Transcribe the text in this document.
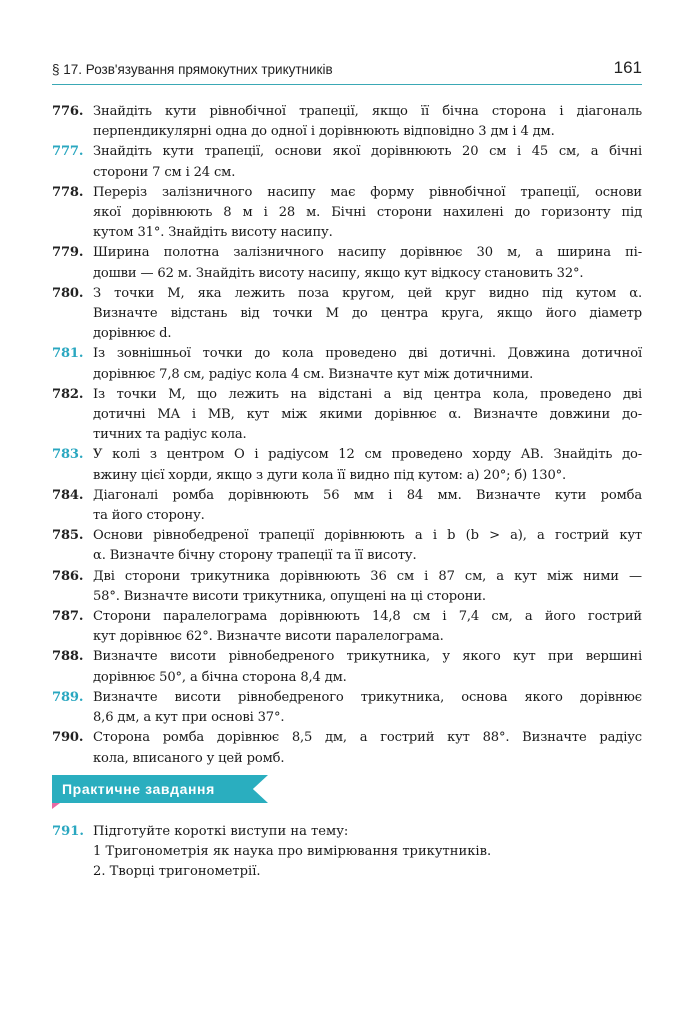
§ 17. Розв'язування прямокутних трикутників	161
776. Знайдіть кути рівнобічної трапеції, якщо її бічна сторона і діагональ
перпендикулярні одна до одної і дорівнюють відповідно 3 дм і 4 дм.
777. Знайдіть кути трапеції, основи якої дорівнюють 20 см і 45 см, а бічні
сторони 7 см і 24 см.
778. Переріз залізничного насипу має форму рівнобічної трапеції, основи
якої дорівнюють 8 м і 28 м. Бічні сторони нахилені до горизонту під
кутом 31°. Знайдіть висоту насипу.
779. Ширина полотна залізничного насипу дорівнює 30 м, а ширина пі-
дошви — 62 м. Знайдіть висоту насипу, якщо кут відкосу становить 32°.
780. З точки M, яка лежить поза кругом, цей круг видно під кутом α.
Визначте відстань від точки M до центра круга, якщо його діаметр
дорівнює d.
781. Із зовнішньої точки до кола проведено дві дотичні. Довжина дотичної
дорівнює 7,8 см, радіус кола 4 см. Визначте кут між дотичними.
782. Із точки M, що лежить на відстані a від центра кола, проведено дві
дотичні MA і MB, кут між якими дорівнює α. Визначте довжини до-
тичних та радіус кола.
783. У колі з центром O і радіусом 12 см проведено хорду AB. Знайдіть до-
вжину цієї хорди, якщо з дуги кола її видно під кутом: а) 20°; б) 130°.
784. Діагоналі ромба дорівнюють 56 мм і 84 мм. Визначте кути ромба
та його сторону.
785. Основи рівнобедреної трапеції дорівнюють a і b (b > a), а гострий кут
α. Визначте бічну сторону трапеції та її висоту.
786. Дві сторони трикутника дорівнюють 36 см і 87 см, а кут між ними —
58°. Визначте висоти трикутника, опущені на ці сторони.
787. Сторони паралелограма дорівнюють 14,8 см і 7,4 см, а його гострий
кут дорівнює 62°. Визначте висоти паралелограма.
788. Визначте висоти рівнобедреного трикутника, у якого кут при вершині
дорівнює 50°, а бічна сторона 8,4 дм.
789. Визначте висоти рівнобедреного трикутника, основа якого дорівнює
8,6 дм, а кут при основі 37°.
790. Сторона ромба дорівнює 8,5 дм, а гострий кут 88°. Визначте радіус
кола, вписаного у цей ромб.
Практичне завдання
791. Підготуйте короткі виступи на тему:
1 Тригонометрія як наука про вимірювання трикутників.
2. Творці тригонометрії.
